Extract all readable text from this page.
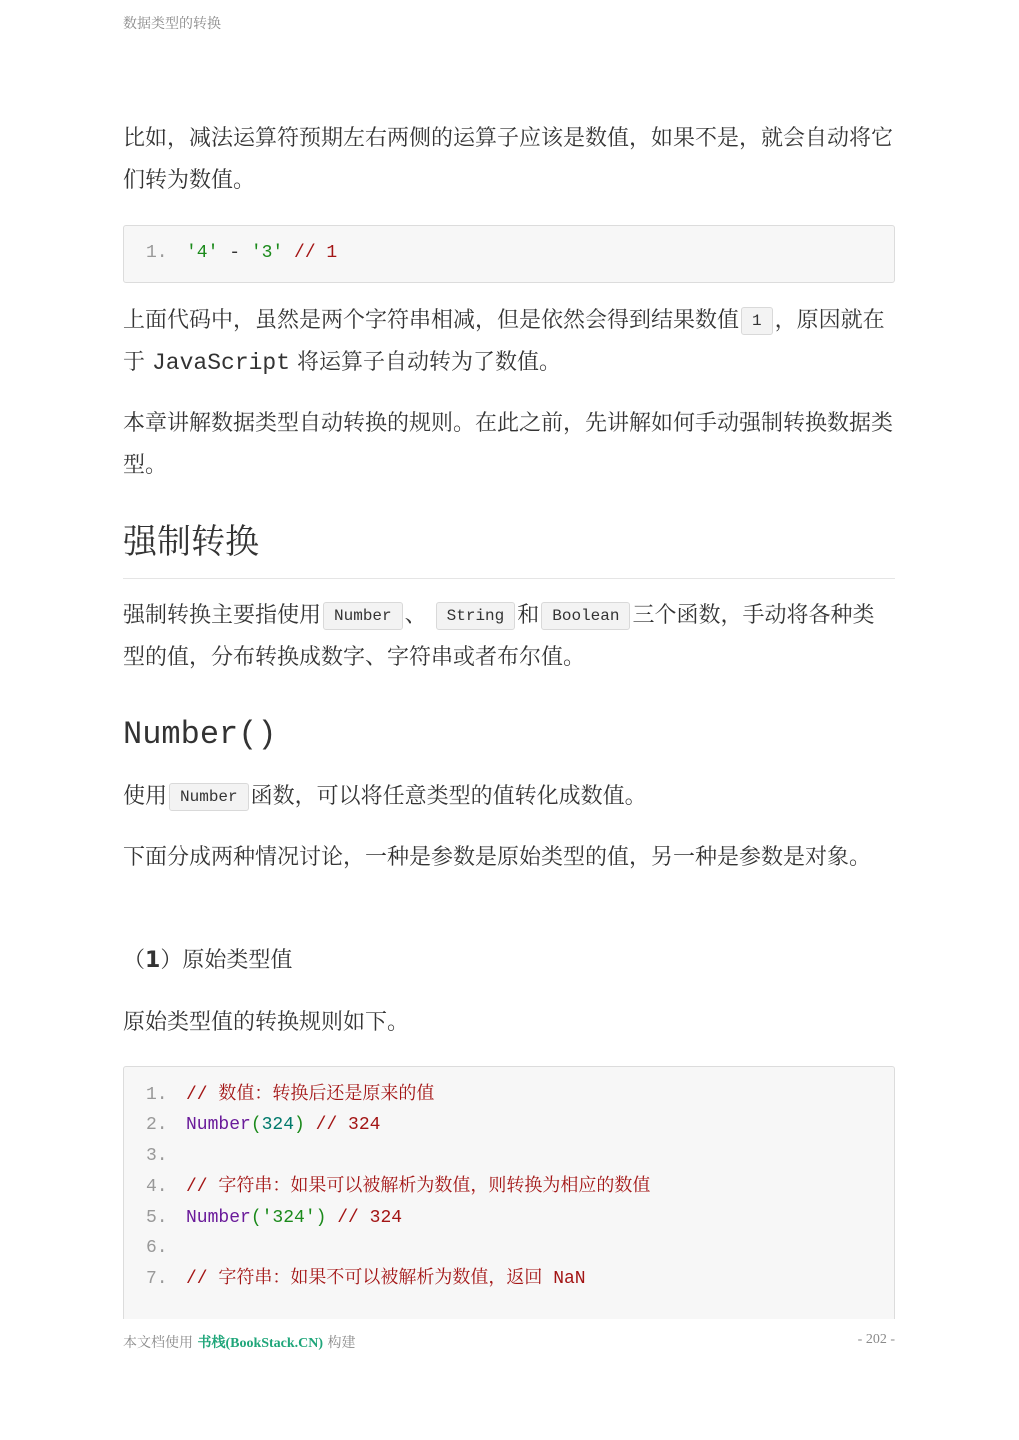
数据类型的转换

比如，减法运算符预期左右两侧的运算子应该是数值，如果不是，就会自动将它们转为数值。

1. '4' - '3' // 1

上面代码中，虽然是两个字符串相减，但是依然会得到结果数值 1 ，原因就在于 JavaScript 将运算子自动转为了数值。

本章讲解数据类型自动转换的规则。在此之前，先讲解如何手动强制转换数据类型。

强制转换

强制转换主要指使用 Number 、 String 和 Boolean 三个函数，手动将各种类型的值，分布转换成数字、字符串或者布尔值。

Number()

使用 Number 函数，可以将任意类型的值转化成数值。

下面分成两种情况讨论，一种是参数是原始类型的值，另一种是参数是对象。

（1）原始类型值

原始类型值的转换规则如下。

1. // 数值：转换后还是原来的值
2. Number(324) // 324
3.
4. // 字符串：如果可以被解析为数值，则转换为相应的数值
5. Number('324') // 324
6.
7. // 字符串：如果不可以被解析为数值，返回 NaN
本文档使用 书栈(BookStack.CN) 构建	- 202 -
